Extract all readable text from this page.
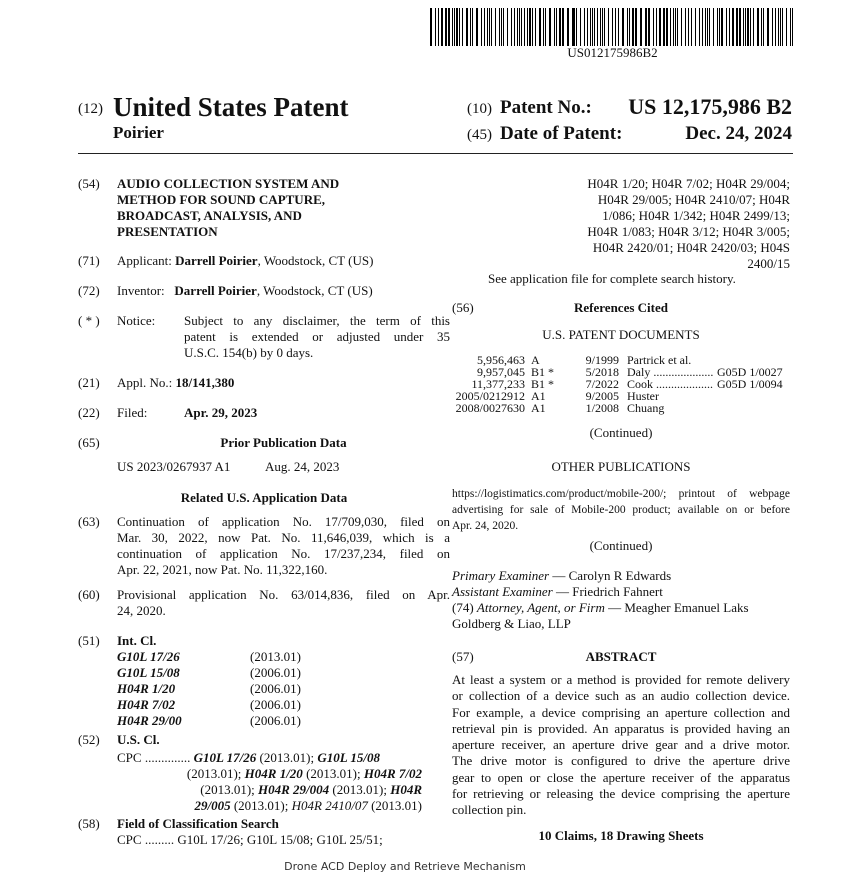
US012175986B2
(12) United States Patent
Poirier
(10) Patent No.:	US 12,175,986 B2
(45) Date of Patent:	Dec. 24, 2024
(54) AUDIO COLLECTION SYSTEM AND
METHOD FOR SOUND CAPTURE,
BROADCAST, ANALYSIS, AND
PRESENTATION
(71) Applicant: Darrell Poirier, Woodstock, CT (US)
(72) Inventor: Darrell Poirier, Woodstock, CT (US)
( * ) Notice: Subject to any disclaimer, the term of this
patent is extended or adjusted under 35
U.S.C. 154(b) by 0 days.
(21) Appl. No.: 18/141,380
(22) Filed:	Apr. 29, 2023
(65)	Prior Publication Data
US 2023/0267937 A1	Aug. 24, 2023
Related U.S. Application Data
(63) Continuation of application No. 17/709,030, filed on
Mar. 30, 2022, now Pat. No. 11,646,039, which is a
continuation of application No. 17/237,234, filed on
Apr. 22, 2021, now Pat. No. 11,322,160.
(60) Provisional application No. 63/014,836, filed on Apr.
24, 2020.
(51) Int. Cl.
G10L 17/26	(2013.01)
G10L 15/08	(2006.01)
H04R 1/20	(2006.01)
H04R 7/02	(2006.01)
H04R 29/00	(2006.01)
(52) U.S. Cl.
CPC .............. G10L 17/26 (2013.01); G10L 15/08
(2013.01); H04R 1/20 (2013.01); H04R 7/02
(2013.01); H04R 29/004 (2013.01); H04R
29/005 (2013.01); H04R 2410/07 (2013.01)
(58) Field of Classification Search
CPC ......... G10L 17/26; G10L 15/08; G10L 25/51;
H04R 1/20; H04R 7/02; H04R 29/004;
H04R 29/005; H04R 2410/07; H04R
1/086; H04R 1/342; H04R 2499/13;
H04R 1/083; H04R 3/12; H04R 3/005;
H04R 2420/01; H04R 2420/03; H04S
2400/15
See application file for complete search history.
(56)	References Cited
U.S. PATENT DOCUMENTS
5,956,463 A	9/1999 Partrick et al.
9,957,045 B1 *	5/2018 Daly .................... G05D 1/0027
11,377,233 B1 *	7/2022 Cook ................... G05D 1/0094
2005/0212912 A1	9/2005 Huster
2008/0027630 A1	1/2008 Chuang
(Continued)
OTHER PUBLICATIONS
https://logistimatics.com/product/mobile-200/; printout of webpage
advertising for sale of Mobile-200 product; available on or before
Apr. 24, 2020.
(Continued)
Primary Examiner — Carolyn R Edwards
Assistant Examiner — Friedrich Fahnert
(74) Attorney, Agent, or Firm — Meagher Emanuel Laks
Goldberg & Liao, LLP
(57)	ABSTRACT
At least a system or a method is provided for remote delivery
or collection of a device such as an audio collection device.
For example, a device comprising an aperture collection and
retrieval pin is provided. An apparatus is provided having an
aperture receiver, an aperture drive gear and a drive motor.
The drive motor is configured to drive the aperture drive
gear to open or close the aperture receiver of the apparatus
for retrieving or releasing the device comprising the aperture
collection pin.
10 Claims, 18 Drawing Sheets
Drone ACD Deploy and Retrieve Mechanism
